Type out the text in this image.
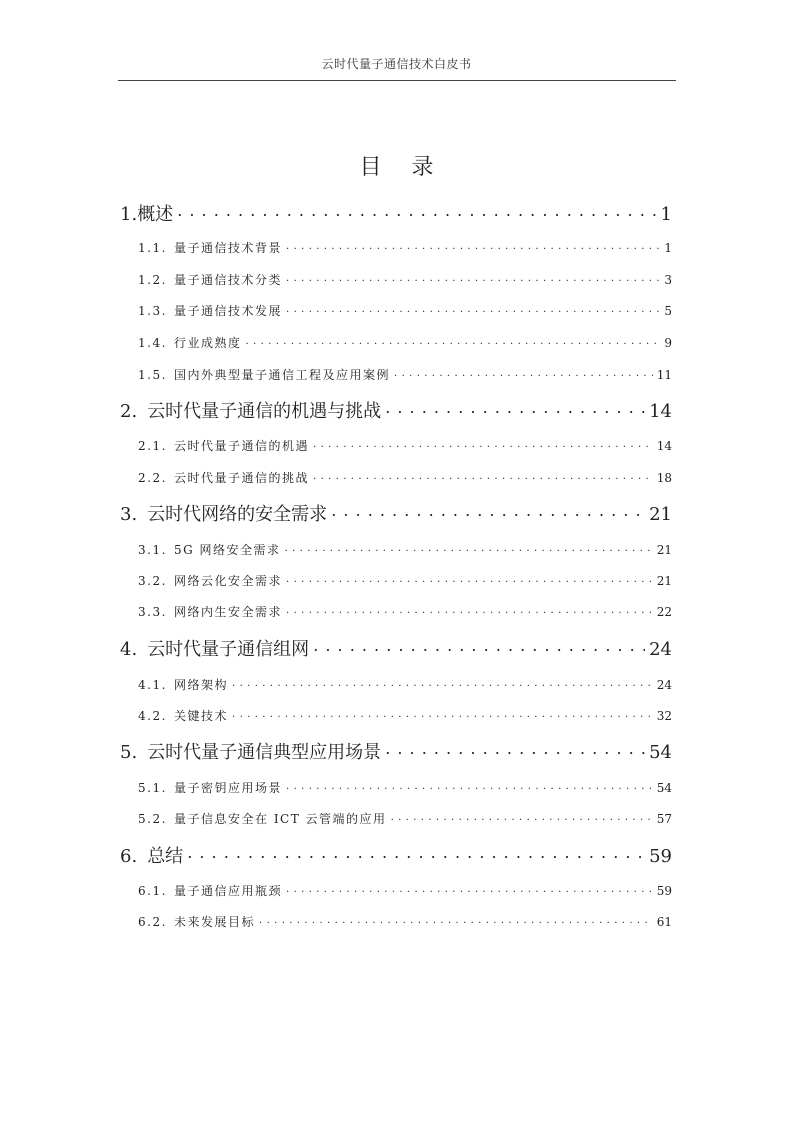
云时代量子通信技术白皮书
目录
1. 概述 . . .	1
1.1. 量子通信技术背景 . . .	1
1.2. 量子通信技术分类 . . .	3
1.3. 量子通信技术发展 . . .	5
1.4. 行业成熟度 . . .	9
1.5. 国内外典型量子通信工程及应用案例 . . .	11
2. 云时代量子通信的机遇与挑战 . . .	14
2.1. 云时代量子通信的机遇 . . .	14
2.2. 云时代量子通信的挑战 . . .	18
3. 云时代网络的安全需求 . . .	21
3.1. 5G 网络安全需求 . . .	21
3.2. 网络云化安全需求 . . .	21
3.3. 网络内生安全需求 . . .	22
4. 云时代量子通信组网 . . .	24
4.1. 网络架构 . . .	24
4.2. 关键技术 . . .	32
5. 云时代量子通信典型应用场景 . . .	54
5.1. 量子密钥应用场景 . . .	54
5.2. 量子信息安全在 ICT 云管端的应用 . . .	57
6. 总结 . . .	59
6.1. 量子通信应用瓶颈 . . .	59
6.2. 未来发展目标 . . .	61
